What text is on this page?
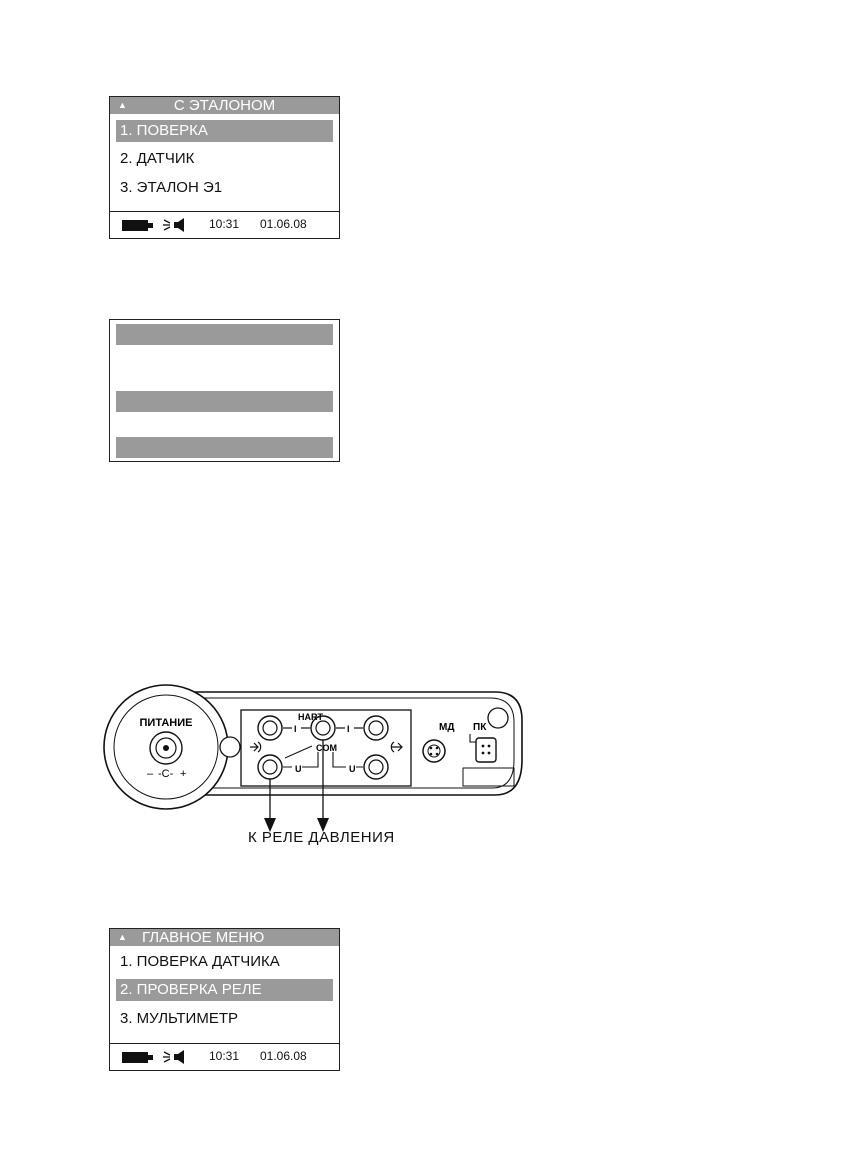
▲	С ЭТАЛОНОМ
1. ПОВЕРКА
2. ДАТЧИК
3. ЭТАЛОН Э1
10:31 01.06.08
ПИТАНИЕ
– -С- +
HART
I	I
COM
U	U
МД ПК
К РЕЛЕ ДАВЛЕНИЯ
▲ ГЛАВНОЕ МЕНЮ
1. ПОВЕРКА ДАТЧИКА
2. ПРОВЕРКА РЕЛЕ
3. МУЛЬТИМЕТР
10:31 01.06.08
